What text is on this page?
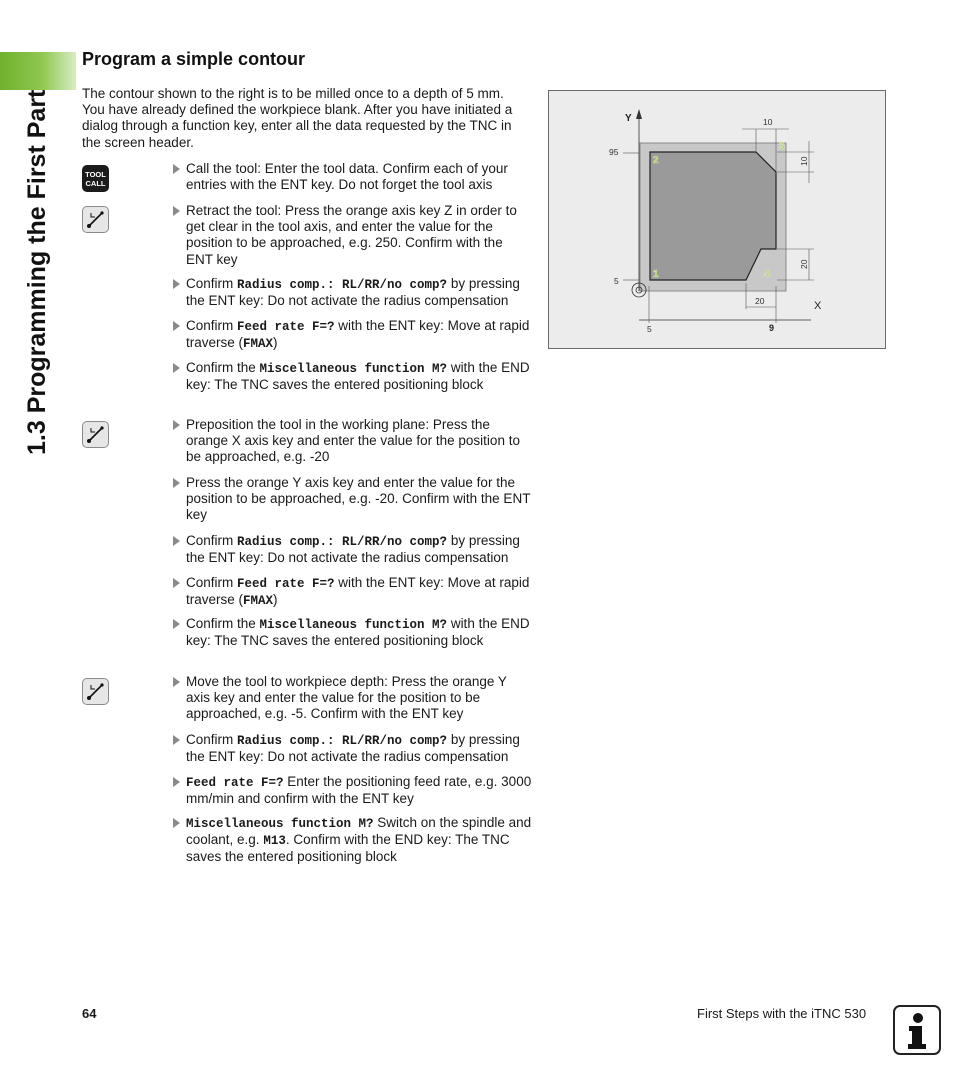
1.3 Programming the First Part
Program a simple contour

The contour shown to the right is to be milled once to a depth of 5 mm. You have already defined the workpiece blank. After you have initiated a dialog through a function key, enter all the data requested by the TNC in the screen header.

TOOL
CALL
Call the tool: Enter the tool data. Confirm each of your entries with the ENT key. Do not forget the tool axis
Retract the tool: Press the orange axis key Z in order to get clear in the tool axis, and enter the value for the position to be approached, e.g. 250. Confirm with the ENT key
Confirm Radius comp.: RL/RR/no comp? by pressing the ENT key: Do not activate the radius compensation
Confirm Feed rate F=? with the ENT key: Move at rapid traverse (FMAX)
Confirm the Miscellaneous function M? with the END key: The TNC saves the entered positioning block
Preposition the tool in the working plane: Press the orange X axis key and enter the value for the position to be approached, e.g. -20
Press the orange Y axis key and enter the value for the position to be approached, e.g. -20. Confirm with the ENT key
Confirm Radius comp.: RL/RR/no comp? by pressing the ENT key: Do not activate the radius compensation
Confirm Feed rate F=? with the ENT key: Move at rapid traverse (FMAX)
Confirm the Miscellaneous function M? with the END key: The TNC saves the entered positioning block
Move the tool to workpiece depth: Press the orange Y axis key and enter the value for the position to be approached, e.g. -5. Confirm with the ENT key
Confirm Radius comp.: RL/RR/no comp? by pressing the ENT key: Do not activate the radius compensation
Feed rate F=? Enter the positioning feed rate, e.g. 3000 mm/min and confirm with the ENT key
Miscellaneous function M? Switch on the spindle and coolant, e.g. M13. Confirm with the END key: The TNC saves the entered positioning block
10
10
20
20
95
5
5	9
Y
X
1
2
3
4
64	First Steps with the iTNC 530
